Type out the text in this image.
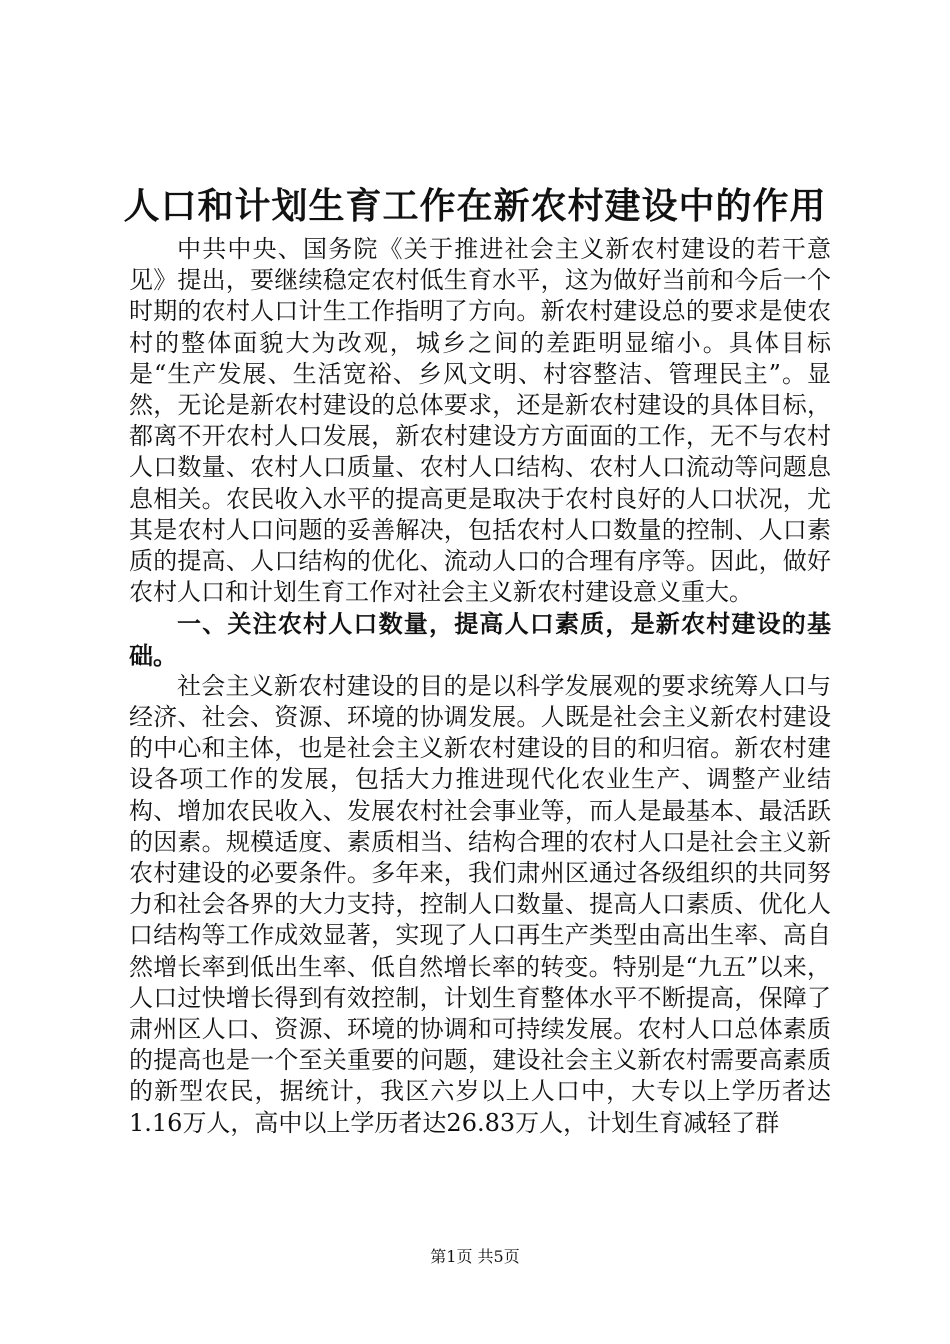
人口和计划生育工作在新农村建设中的作用

中共中央、国务院《关于推进社会主义新农村建设的若干意见》提出，要继续稳定农村低生育水平，这为做好当前和今后一个时期的农村人口计生工作指明了方向。新农村建设总的要求是使农村的整体面貌大为改观，城乡之间的差距明显缩小。具体目标是“生产发展、生活宽裕、乡风文明、村容整洁、管理民主”。显然，无论是新农村建设的总体要求，还是新农村建设的具体目标，都离不开农村人口发展，新农村建设方方面面的工作，无不与农村人口数量、农村人口质量、农村人口结构、农村人口流动等问题息息相关。农民收入水平的提高更是取决于农村良好的人口状况，尤其是农村人口问题的妥善解决，包括农村人口数量的控制、人口素质的提高、人口结构的优化、流动人口的合理有序等。因此，做好农村人口和计划生育工作对社会主义新农村建设意义重大。

一、关注农村人口数量，提高人口素质，是新农村建设的基础。

社会主义新农村建设的目的是以科学发展观的要求统筹人口与经济、社会、资源、环境的协调发展。人既是社会主义新农村建设的中心和主体，也是社会主义新农村建设的目的和归宿。新农村建设各项工作的发展，包括大力推进现代化农业生产、调整产业结构、增加农民收入、发展农村社会事业等，而人是最基本、最活跃的因素。规模适度、素质相当、结构合理的农村人口是社会主义新农村建设的必要条件。多年来，我们肃州区通过各级组织的共同努力和社会各界的大力支持，控制人口数量、提高人口素质、优化人口结构等工作成效显著，实现了人口再生产类型由高出生率、高自然增长率到低出生率、低自然增长率的转变。特别是“九五”以来，人口过快增长得到有效控制，计划生育整体水平不断提高，保障了肃州区人口、资源、环境的协调和可持续发展。农村人口总体素质的提高也是一个至关重要的问题，建设社会主义新农村需要高素质的新型农民，据统计，我区六岁以上人口中，大专以上学历者达1.16万人，高中以上学历者达26.83万人，计划生育减轻了群

第1页 共5页
